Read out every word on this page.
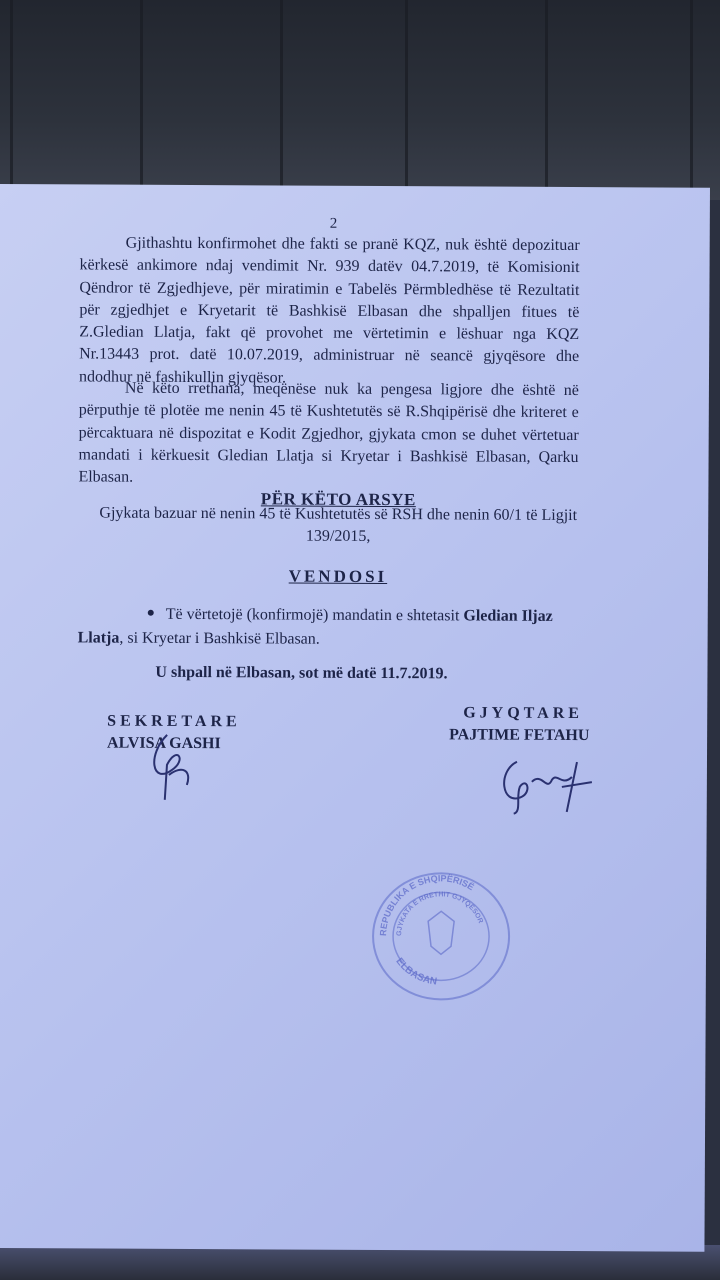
2
Gjithashtu konfirmohet dhe fakti se pranë KQZ, nuk është depozituar kërkesë ankimore ndaj vendimit Nr. 939 datëv 04.7.2019, të Komisionit Qëndror të Zgjedhjeve, për miratimin e Tabelës Përmbledhëse të Rezultatit për zgjedhjet e Kryetarit të Bashkisë Elbasan dhe shpalljen fitues të Z.Gledian Llatja, fakt që provohet me vërtetimin e lëshuar nga KQZ Nr.13443 prot. datë 10.07.2019, administruar në seancë gjyqësore dhe ndodhur në fashikullin gjyqësor.
Në këto rrethana, meqënëse nuk ka pengesa ligjore dhe është në përputhje të plotëe me nenin 45 të Kushtetutës së R.Shqipërisë dhe kriteret e përcaktuara në dispozitat e Kodit Zgjedhor, gjykata cmon se duhet vërtetuar mandati i kërkuesit Gledian Llatja si Kryetar i Bashkisë Elbasan, Qarku Elbasan.
PËR KËTO ARSYE
Gjykata bazuar në nenin 45 të Kushtetutës së RSH dhe nenin 60/1 të Ligjit 139/2015,
VENDOSI
Të vërtetojë (konfirmojë) mandatin e shtetasit Gledian Iljaz Llatja, si Kryetar i Bashkisë Elbasan.
U shpall në Elbasan, sot më datë 11.7.2019.
SEKRETARE
ALVISA GASHI
GJYQTARE
PAJTIME FETAHU
REPUBLIKA E SHQIPËRISË
GJYKATA E RRETHIT GJYQËSOR
ELBASAN
